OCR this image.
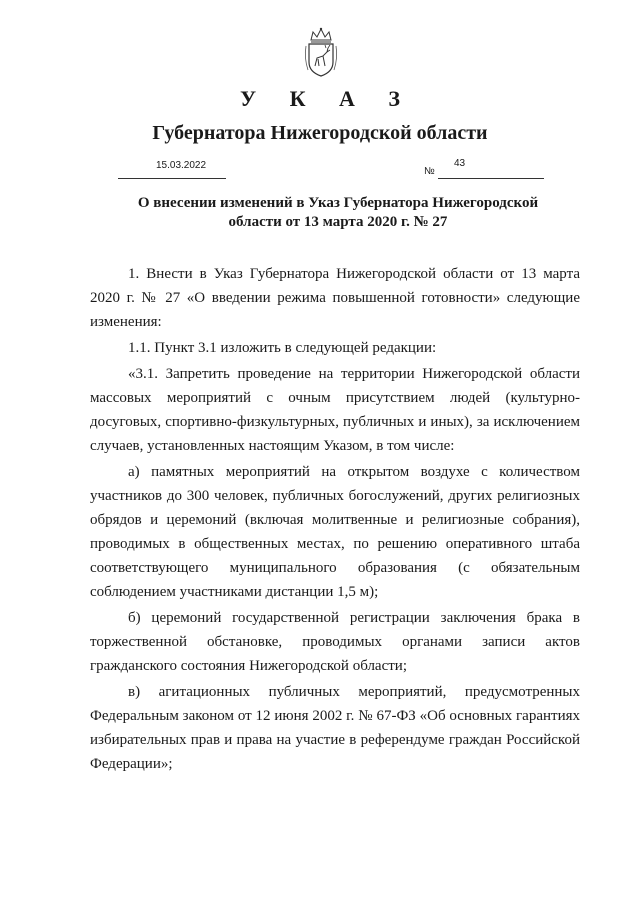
У К А З
Губернатора Нижегородской области
15.03.2022
№
43
О внесении изменений в Указ Губернатора Нижегородской
области от 13 марта 2020 г. № 27

1. Внести в Указ Губернатора Нижегородской области от 13 марта 2020 г. № 27 «О введении режима повышенной готовности» следующие изменения:

1.1. Пункт 3.1 изложить в следующей редакции:

«3.1. Запретить проведение на территории Нижегородской области массовых мероприятий с очным присутствием людей (культурно-досуговых, спортивно-физкультурных, публичных и иных), за исключением случаев, установленных настоящим Указом, в том числе:

а) памятных мероприятий на открытом воздухе с количеством участников до 300 человек, публичных богослужений, других религиозных обрядов и церемоний (включая молитвенные и религиозные собрания), проводимых в общественных местах, по решению оперативного штаба соответствующего муниципального образования (с обязательным соблюдением участниками дистанции 1,5 м);

б) церемоний государственной регистрации заключения брака в торжественной обстановке, проводимых органами записи актов гражданского состояния Нижегородской области;

в) агитационных публичных мероприятий, предусмотренных Федеральным законом от 12 июня 2002 г. № 67-ФЗ «Об основных гарантиях избирательных прав и права на участие в референдуме граждан Российской Федерации»;
